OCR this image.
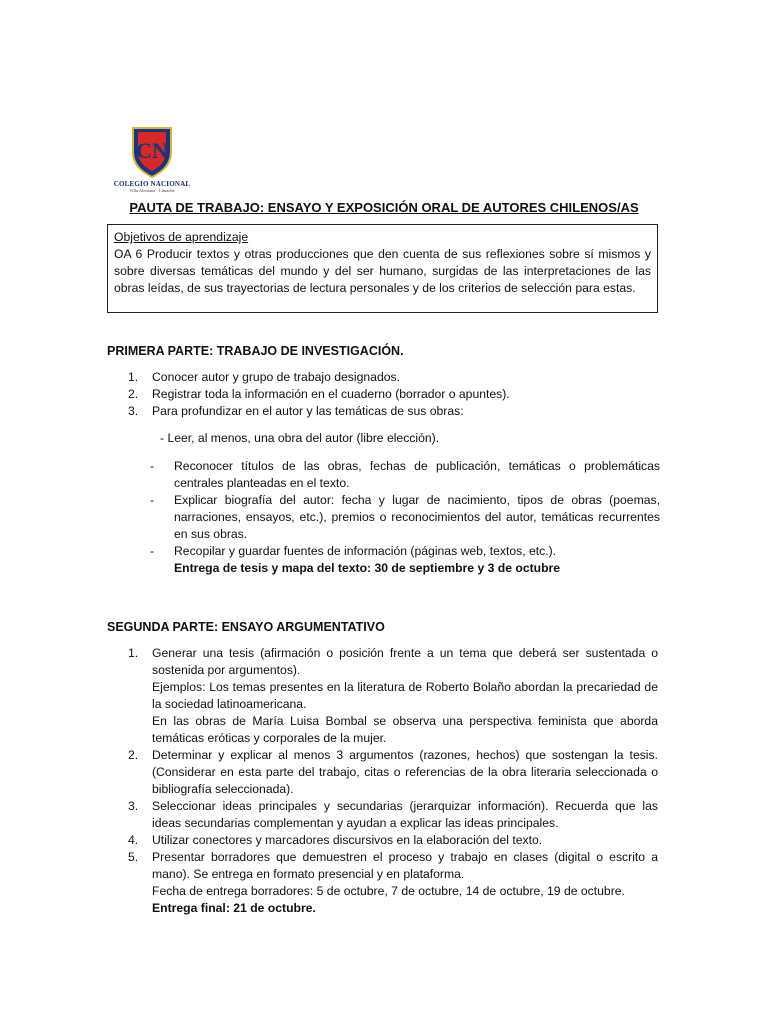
CN
COLEGIO NACIONAL
Villa Alemana · Limache
PAUTA DE TRABAJO: ENSAYO Y EXPOSICIÓN ORAL DE AUTORES CHILENOS/AS
Objetivos de aprendizaje
OA 6 Producir textos y otras producciones que den cuenta de sus reflexiones sobre sí mismos y sobre diversas temáticas del mundo y del ser humano, surgidas de las interpretaciones de las obras leídas, de sus trayectorias de lectura personales y de los criterios de selección para estas.
PRIMERA PARTE: TRABAJO DE INVESTIGACIÓN.
1.	Conocer autor y grupo de trabajo designados.
2.	Registrar toda la información en el cuaderno (borrador o apuntes).
3.	Para profundizar en el autor y las temáticas de sus obras:
- Leer, al menos, una obra del autor (libre elección).
-	Reconocer títulos de las obras, fechas de publicación, temáticas o problemáticas centrales planteadas en el texto.
-	Explicar biografía del autor: fecha y lugar de nacimiento, tipos de obras (poemas, narraciones, ensayos, etc.), premios o reconocimientos del autor, temáticas recurrentes en sus obras.
-	Recopilar y guardar fuentes de información (páginas web, textos, etc.).
Entrega de tesis y mapa del texto: 30 de septiembre y 3 de octubre
SEGUNDA PARTE: ENSAYO ARGUMENTATIVO
1.	Generar una tesis (afirmación o posición frente a un tema que deberá ser sustentada o sostenida por argumentos).
Ejemplos: Los temas presentes en la literatura de Roberto Bolaño abordan la precariedad de la sociedad latinoamericana.
En las obras de María Luisa Bombal se observa una perspectiva feminista que aborda temáticas eróticas y corporales de la mujer.
2.	Determinar y explicar al menos 3 argumentos (razones, hechos) que sostengan la tesis. (Considerar en esta parte del trabajo, citas o referencias de la obra literaria seleccionada o bibliografía seleccionada).
3.	Seleccionar ideas principales y secundarias (jerarquizar información). Recuerda que las ideas secundarias complementan y ayudan a explicar las ideas principales.
4.	Utilizar conectores y marcadores discursivos en la elaboración del texto.
5.	Presentar borradores que demuestren el proceso y trabajo en clases (digital o escrito a mano). Se entrega en formato presencial y en plataforma.
Fecha de entrega borradores: 5 de octubre, 7 de octubre, 14 de octubre, 19 de octubre.
Entrega final: 21 de octubre.
